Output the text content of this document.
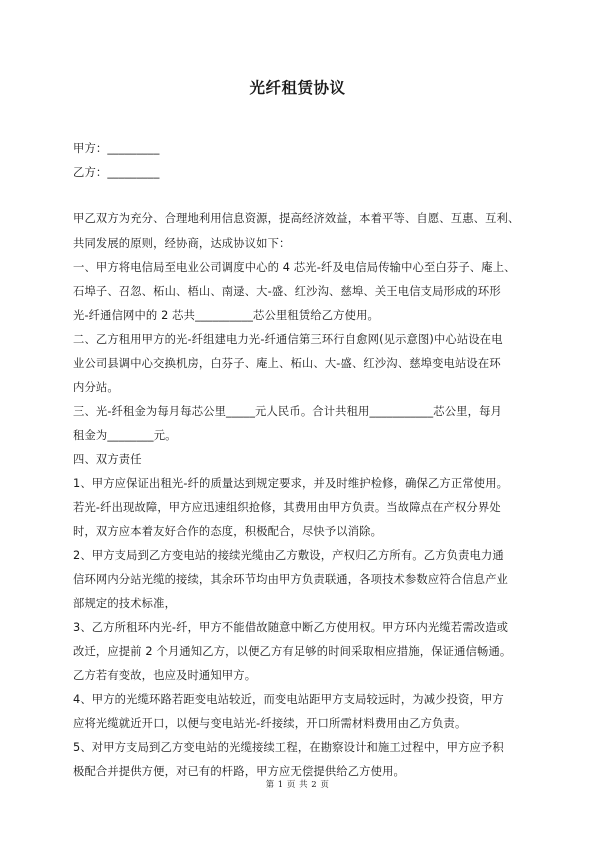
光纤租赁协议
甲方：_________
乙方：_________
甲乙双方为充分、合理地利用信息资源，提高经济效益，本着平等、自愿、互惠、互利、
共同发展的原则，经协商，达成协议如下：
一、甲方将电信局至电业公司调度中心的 4 芯光-纤及电信局传输中心至白芬子、庵上、
石埠子、召忽、柘山、梧山、南逯、大-盛、红沙沟、慈埠、关王电信支局形成的环形
光-纤通信网中的 2 芯共__________芯公里租赁给乙方使用。
二、乙方租用甲方的光-纤组建电力光-纤通信第三环行自愈网(见示意图)中心站设在电
业公司县调中心交换机房，白芬子、庵上、柘山、大-盛、红沙沟、慈埠变电站设在环
内分站。
三、光-纤租金为每月每芯公里_____元人民币。合计共租用___________芯公里，每月
租金为________元。
四、双方责任
1、甲方应保证出租光-纤的质量达到规定要求，并及时维护检修，确保乙方正常使用。
若光-纤出现故障，甲方应迅速组织抢修，其费用由甲方负责。当故障点在产权分界处
时，双方应本着友好合作的态度，积极配合，尽快予以消除。
2、甲方支局到乙方变电站的接续光缆由乙方敷设，产权归乙方所有。乙方负责电力通
信环网内分站光缆的接续，其余环节均由甲方负责联通，各项技术参数应符合信息产业
部规定的技术标准，
3、乙方所租环内光-纤，甲方不能借故随意中断乙方使用权。甲方环内光缆若需改造或
改迁，应提前 2 个月通知乙方，以便乙方有足够的时间采取相应措施，保证通信畅通。
乙方若有变故，也应及时通知甲方。
4、甲方的光缆环路若距变电站较近，而变电站距甲方支局较远时，为减少投资，甲方
应将光缆就近开口，以便与变电站光-纤接续，开口所需材料费用由乙方负责。
5、对甲方支局到乙方变电站的光缆接续工程，在勘察设计和施工过程中，甲方应予积
极配合并提供方便，对已有的杆路，甲方应无偿提供给乙方使用。
第 1 页 共 2 页
